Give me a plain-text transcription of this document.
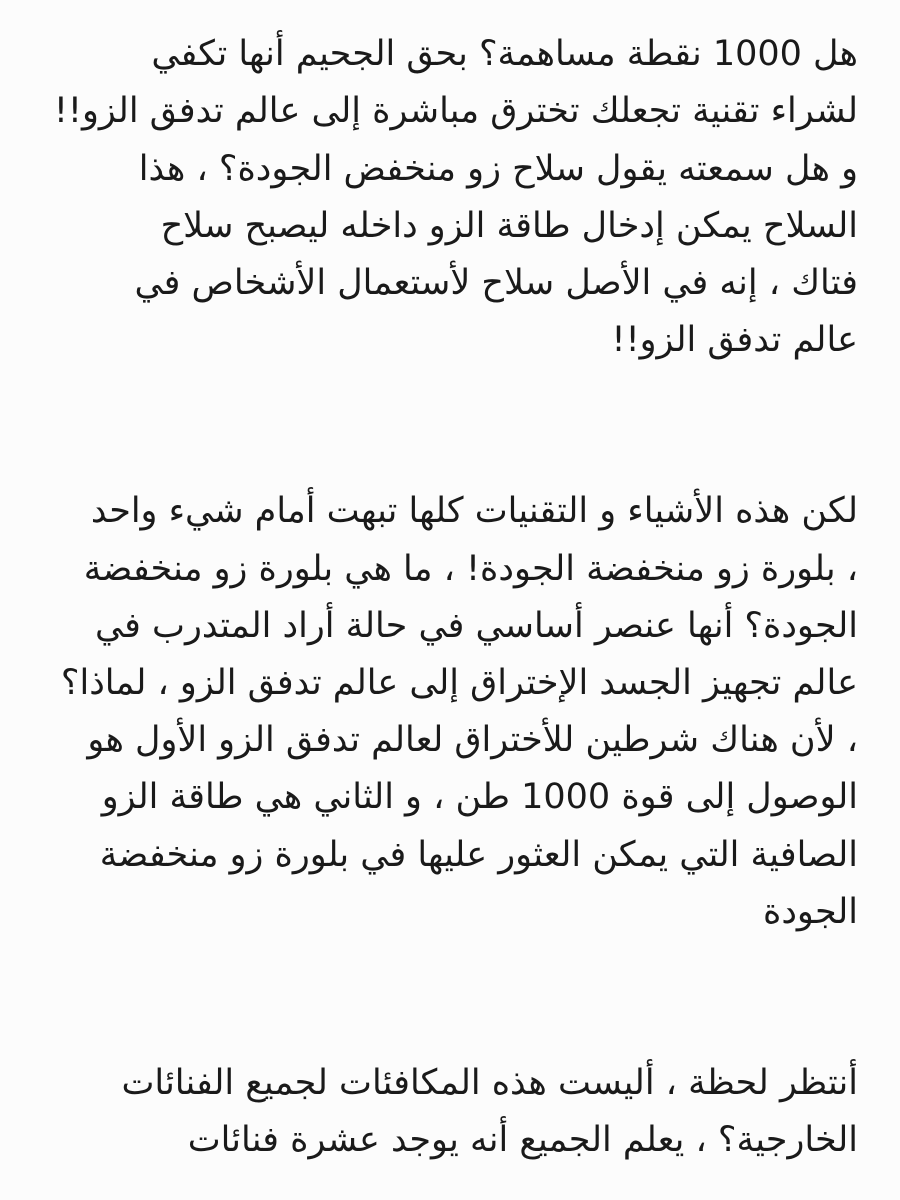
هل 1000 نقطة مساهمة؟ بحق الجحيم أنها تكفي

لشراء تقنية تجعلك تخترق مباشرة إلى عالم تدفق الزو!!

و هل سمعته يقول سلاح زو منخفض الجودة؟ ، هذا

السلاح يمكن إدخال طاقة الزو داخله ليصبح سلاح

فتاك ، إنه في الأصل سلاح لأستعمال الأشخاص في

عالم تدفق الزو!!

لكن هذه الأشياء و التقنيات كلها تبهت أمام شيء واحد

، بلورة زو منخفضة الجودة! ، ما هي بلورة زو منخفضة

الجودة؟ أنها عنصر أساسي في حالة أراد المتدرب في

عالم تجهيز الجسد الإختراق إلى عالم تدفق الزو ، لماذا؟

، لأن هناك شرطين للأختراق لعالم تدفق الزو الأول هو

الوصول إلى قوة 1000 طن ، و الثاني هي طاقة الزو

الصافية التي يمكن العثور عليها في بلورة زو منخفضة

الجودة

أنتظر لحظة ، أليست هذه المكافئات لجميع الفنائات

الخارجية؟ ، يعلم الجميع أنه يوجد عشرة فنائات
